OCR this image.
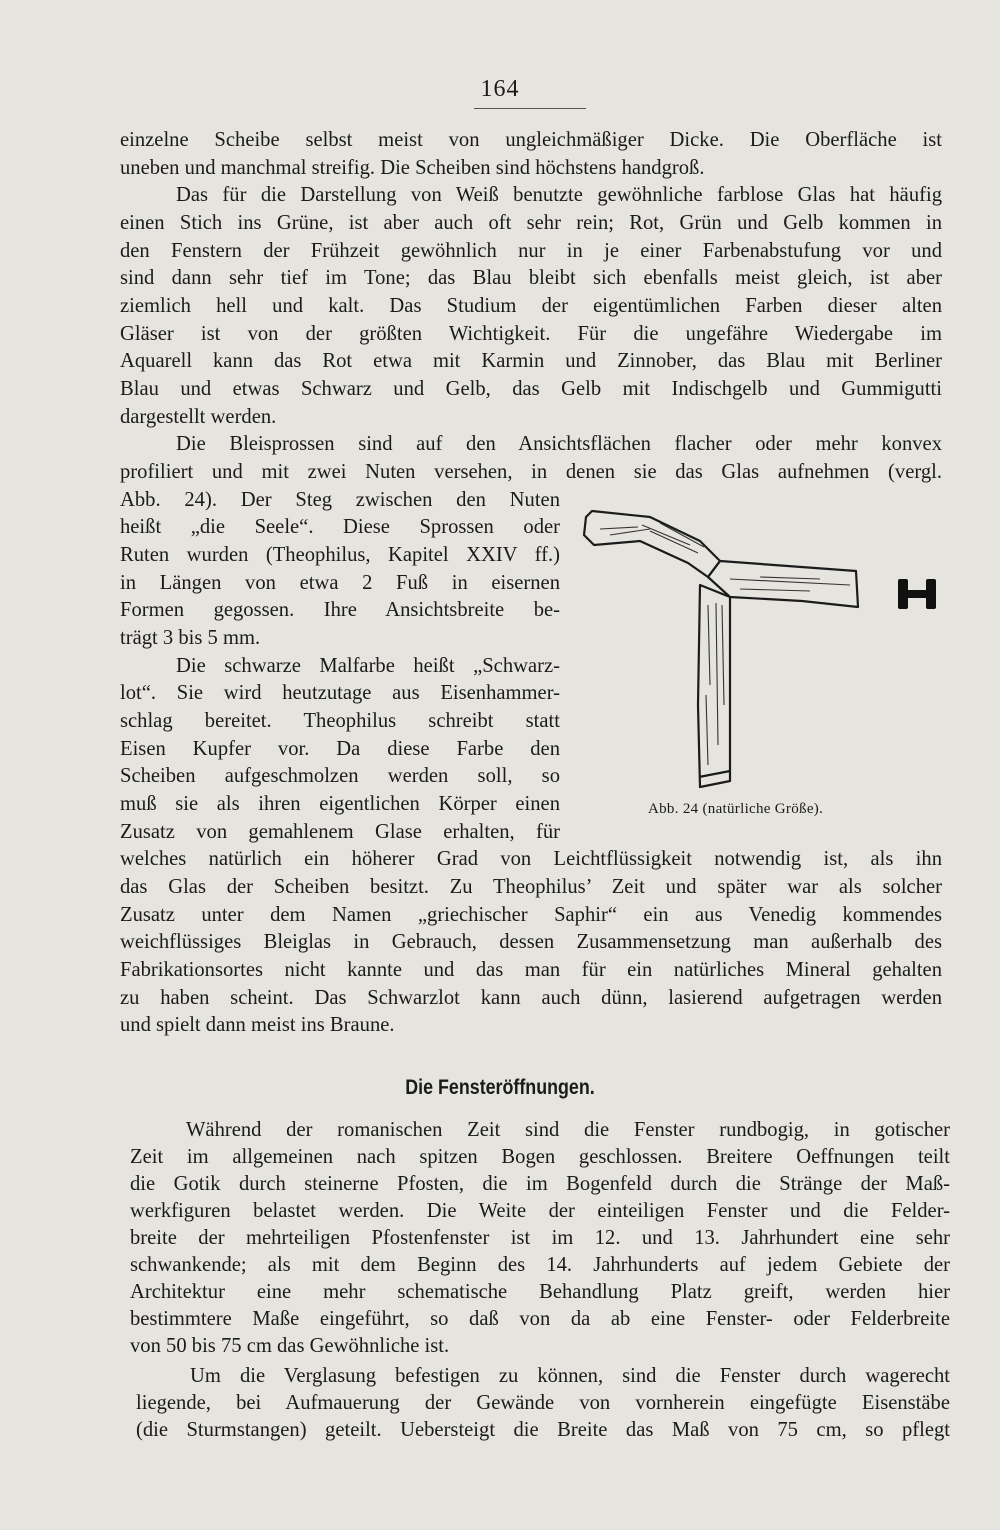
164
einzelne Scheibe selbst meist von ungleichmäßiger Dicke. Die Oberfläche ist
uneben und manchmal streifig. Die Scheiben sind höchstens handgroß.
Das für die Darstellung von Weiß benutzte gewöhnliche farblose Glas hat häufig
einen Stich ins Grüne, ist aber auch oft sehr rein; Rot, Grün und Gelb kommen in
den Fenstern der Frühzeit gewöhnlich nur in je einer Farbenabstufung vor und
sind dann sehr tief im Tone; das Blau bleibt sich ebenfalls meist gleich, ist aber
ziemlich hell und kalt. Das Studium der eigentümlichen Farben dieser alten
Gläser ist von der größten Wichtigkeit. Für die ungefähre Wiedergabe im
Aquarell kann das Rot etwa mit Karmin und Zinnober, das Blau mit Berliner
Blau und etwas Schwarz und Gelb, das Gelb mit Indischgelb und Gummigutti
dargestellt werden.
Die Bleisprossen sind auf den Ansichtsflächen flacher oder mehr konvex
profiliert und mit zwei Nuten versehen, in denen sie das Glas aufnehmen (vergl.
Abb. 24). Der Steg zwischen den Nuten
heißt „die Seele“. Diese Sprossen oder
Ruten wurden (Theophilus, Kapitel XXIV ff.)
in Längen von etwa 2 Fuß in eisernen
Formen gegossen. Ihre Ansichtsbreite be-
trägt 3 bis 5 mm.
Die schwarze Malfarbe heißt „Schwarz-
lot“. Sie wird heutzutage aus Eisenhammer-
schlag bereitet. Theophilus schreibt statt
Eisen Kupfer vor. Da diese Farbe den
Scheiben aufgeschmolzen werden soll, so
muß sie als ihren eigentlichen Körper einen
Zusatz von gemahlenem Glase erhalten, für
welches natürlich ein höherer Grad von Leichtflüssigkeit notwendig ist, als ihn
das Glas der Scheiben besitzt. Zu Theophilus’ Zeit und später war als solcher
Zusatz unter dem Namen „griechischer Saphir“ ein aus Venedig kommendes
weichflüssiges Bleiglas in Gebrauch, dessen Zusammensetzung man außerhalb des
Fabrikationsortes nicht kannte und das man für ein natürliches Mineral gehalten
zu haben scheint. Das Schwarzlot kann auch dünn, lasierend aufgetragen werden
und spielt dann meist ins Braune.
Während der romanischen Zeit sind die Fenster rundbogig, in gotischer
Zeit im allgemeinen nach spitzen Bogen geschlossen. Breitere Oeffnungen teilt
die Gotik durch steinerne Pfosten, die im Bogenfeld durch die Stränge der Maß-
werkfiguren belastet werden. Die Weite der einteiligen Fenster und die Felder-
breite der mehrteiligen Pfostenfenster ist im 12. und 13. Jahrhundert eine sehr
schwankende; als mit dem Beginn des 14. Jahrhunderts auf jedem Gebiete der
Architektur eine mehr schematische Behandlung Platz greift, werden hier
bestimmtere Maße eingeführt, so daß von da ab eine Fenster- oder Felderbreite
von 50 bis 75 cm das Gewöhnliche ist.
Um die Verglasung befestigen zu können, sind die Fenster durch wagerecht
liegende, bei Aufmauerung der Gewände von vornherein eingefügte Eisenstäbe
(die Sturmstangen) geteilt. Uebersteigt die Breite das Maß von 75 cm, so pflegt
Die Fensteröffnungen.
Abb. 24 (natürliche Größe).
